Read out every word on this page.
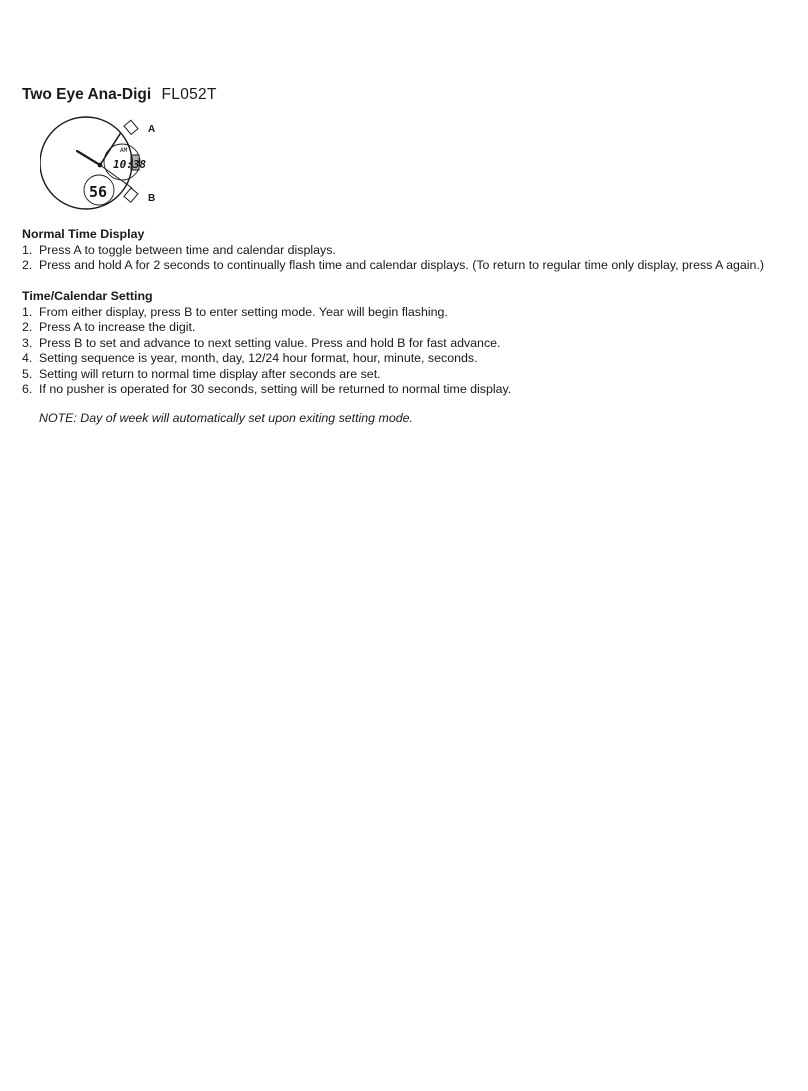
Two Eye Ana-Digi FL052T
A
B
AM
10:38
56
Normal Time Display
1. Press A to toggle between time and calendar displays.
2. Press and hold A for 2 seconds to continually flash time and calendar displays. (To return to regular time only display, press A again.)
Time/Calendar Setting
1. From either display, press B to enter setting mode. Year will begin flashing.
2. Press A to increase the digit.
3. Press B to set and advance to next setting value. Press and hold B for fast advance.
4. Setting sequence is year, month, day, 12/24 hour format, hour, minute, seconds.
5. Setting will return to normal time display after seconds are set.
6. If no pusher is operated for 30 seconds, setting will be returned to normal time display.
NOTE: Day of week will automatically set upon exiting setting mode.
